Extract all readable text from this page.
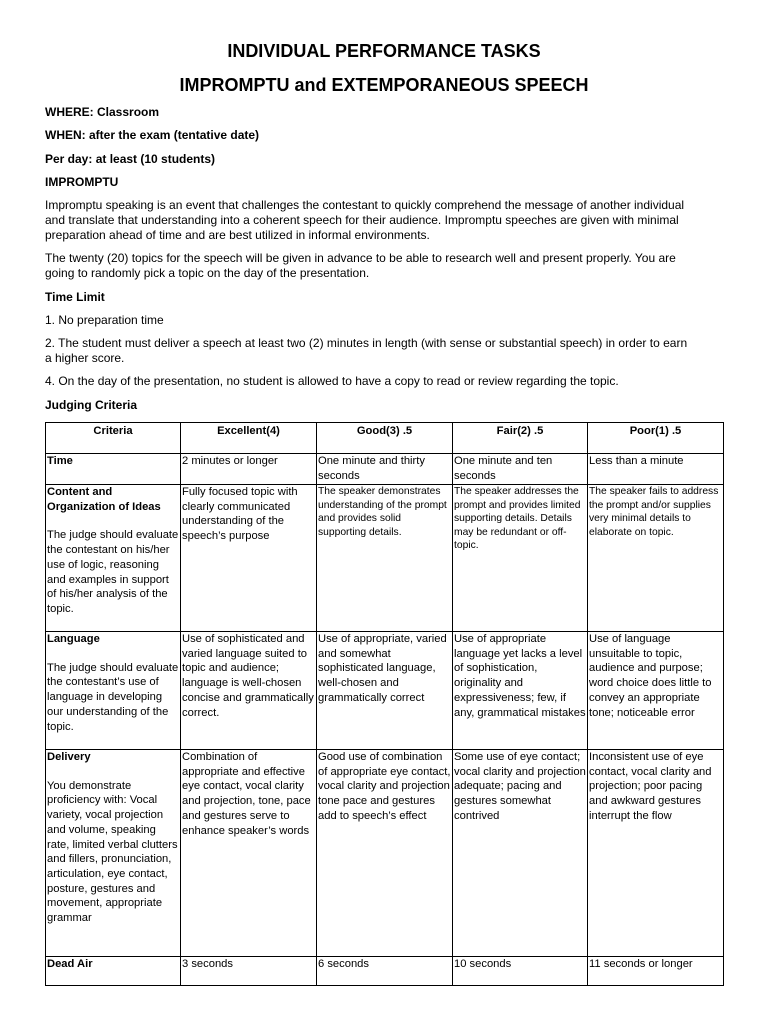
INDIVIDUAL PERFORMANCE TASKS
IMPROMPTU and EXTEMPORANEOUS SPEECH
WHERE: Classroom
WHEN: after the exam (tentative date)
Per day: at least (10 students)
IMPROMPTU
Impromptu speaking is an event that challenges the contestant to quickly comprehend the message of another individual
and translate that understanding into a coherent speech for their audience. Impromptu speeches are given with minimal
preparation ahead of time and are best utilized in informal environments.
The twenty (20) topics for the speech will be given in advance to be able to research well and present properly. You are
going to randomly pick a topic on the day of the presentation.
Time Limit
1. No preparation time
2. The student must deliver a speech at least two (2) minutes in length (with sense or substantial speech) in order to earn
a higher score.
4. On the day of the presentation, no student is allowed to have a copy to read or review regarding the topic.
Judging Criteria
Criteria	Excellent(4)	Good(3) .5	Fair(2) .5	Poor(1) .5

Time	2 minutes or longer	One minute and thirty seconds	One minute and ten seconds	Less than a minute

Content and Organization of Ideas
The judge should evaluate the contestant on his/her use of logic, reasoning and examples in support of his/her analysis of the topic.	Fully focused topic with clearly communicated understanding of the speech’s purpose	The speaker demonstrates understanding of the prompt and provides solid supporting details.	The speaker addresses the prompt and provides limited supporting details. Details may be redundant or off-topic.	The speaker fails to address the prompt and/or supplies very minimal details to elaborate on topic.

Language
The judge should evaluate the contestant’s use of language in developing our understanding of the topic.	Use of sophisticated and varied language suited to topic and audience; language is well-chosen concise and grammatically correct.	Use of appropriate, varied and somewhat sophisticated language, well-chosen and grammatically correct	Use of appropriate language yet lacks a level of sophistication, originality and expressiveness; few, if any, grammatical mistakes	Use of language unsuitable to topic, audience and purpose; word choice does little to convey an appropriate tone; noticeable error

Delivery
You demonstrate proficiency with: Vocal variety, vocal projection and volume, speaking rate, limited verbal clutters and fillers, pronunciation, articulation, eye contact, posture, gestures and movement, appropriate grammar	Combination of appropriate and effective eye contact, vocal clarity and projection, tone, pace and gestures serve to enhance speaker’s words	Good use of combination of appropriate eye contact, vocal clarity and projection tone pace and gestures add to speech’s effect	Some use of eye contact; vocal clarity and projection adequate; pacing and gestures somewhat contrived	Inconsistent use of eye contact, vocal clarity and projection; poor pacing and awkward gestures interrupt the flow

Dead Air	3 seconds	6 seconds	10 seconds	11 seconds or longer
